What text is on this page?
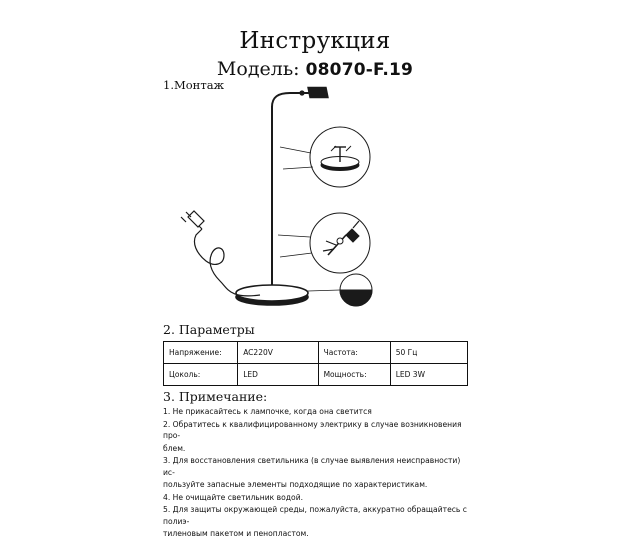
Инструкция
Модель: 08070-F.19
1.Монтаж
2. Параметры
Напряжение:	AC220V	Частота:	50 Гц
Цоколь:	LED	Мощность:	LED 3W
3. Примечание:
1. Не прикасайтесь к лампочке, когда она светится
2. Обратитесь к квалифицированному электрику в случае возникновения про-
блем.
3. Для восстановления светильника (в случае выявления неисправности) ис-
пользуйте запасные элементы подходящие по характеристикам.
4. Не очищайте светильник водой.
5. Для защиты окружающей среды, пожалуйста, аккуратно обращайтесь с полиэ-
тиленовым пакетом и пенопластом.
